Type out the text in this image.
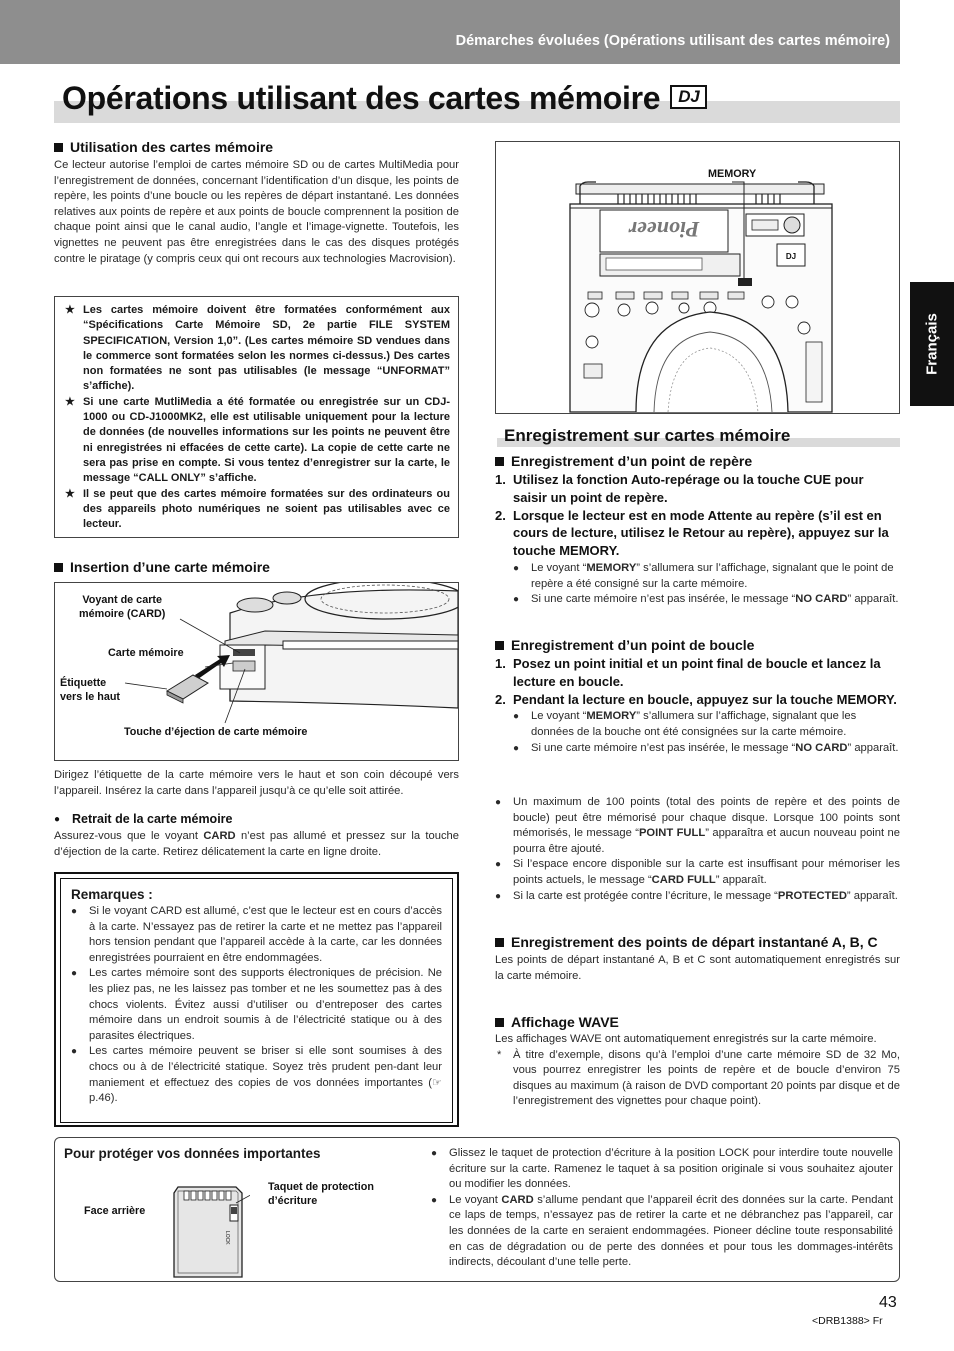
Démarches évoluées (Opérations utilisant des cartes mémoire)
Opérations utilisant des cartes mémoire DJ
Français
Utilisation des cartes mémoire
Ce lecteur autorise l’emploi de cartes mémoire SD ou de cartes MultiMedia pour l’enregistrement de données, concernant l’identification d’un disque, les points de repère, les points d’une boucle ou les repères de départ instantané. Les données relatives aux points de repère et aux points de boucle comprennent la position de chaque point ainsi que le canal audio, l’angle et l’image-vignette. Toutefois, les vignettes ne peuvent pas être enregistrées dans le cas des disques protégés contre le piratage (y compris ceux qui ont recours aux technologies Macrovision).
★ Les cartes mémoire doivent être formatées conformément aux “Spécifications Carte Mémoire SD, 2e partie FILE SYSTEM SPECIFICATION, Version 1,0”. (Les cartes mémoire SD vendues dans le commerce sont formatées selon les normes ci-dessus.) Des cartes non formatées ne sont pas utilisables (le message “UNFORMAT” s’affiche).
★ Si une carte MutliMedia a été formatée ou enregistrée sur un CDJ-1000 ou CD-J1000MK2, elle est utilisable uniquement pour la lecture de données (de nouvelles informations sur les points ne peuvent être ni enregistrées ni effacées de cette carte). La copie de cette carte ne sera pas prise en compte. Si vous tentez d’enregistrer sur la carte, le message “CALL ONLY” s’affiche.
★ Il se peut que des cartes mémoire formatées sur des ordinateurs ou des appareils photo numériques ne soient pas utilisables avec ce lecteur.
Insertion d’une carte mémoire
Voyant de carte
mémoire (CARD)
Carte mémoire
Étiquette
vers le haut
Touche d’éjection de carte mémoire
Dirigez l’étiquette de la carte mémoire vers le haut et son coin découpé vers l’appareil. Insérez la carte dans l’appareil jusqu’à ce qu’elle soit attirée.
● Retrait de la carte mémoire
Assurez-vous que le voyant CARD n’est pas allumé et pressez sur la touche d’éjection de la carte. Retirez délicatement la carte en ligne droite.
Remarques :
● Si le voyant CARD est allumé, c’est que le lecteur est en cours d’accès à la carte. N’essayez pas de retirer la carte et ne mettez pas l’appareil hors tension pendant que l’appareil accède à la carte, car les données enregistrées pourraient en être endommagées.
● Les cartes mémoire sont des supports électroniques de précision. Ne les pliez pas, ne les laissez pas tomber et ne les soumettez pas à des chocs violents. Évitez aussi d’utiliser ou d’entreposer des cartes mémoire dans un endroit soumis à de l’électricité statique ou à des parasites électriques.
● Les cartes mémoire peuvent se briser si elle sont soumises à des chocs ou à de l’électricité statique. Soyez très prudent pen-dant leur maniement et effectuez des copies de vos données importantes (☞ p.46).
MEMORY
Pioneer
DJ
Enregistrement sur cartes mémoire
Enregistrement d’un point de repère
1. Utilisez la fonction Auto-repérage ou la touche CUE pour saisir un point de repère.
2. Lorsque le lecteur est en mode Attente au repère (s’il est en cours de lecture, utilisez le Retour au repère), appuyez sur la touche MEMORY.
● Le voyant “MEMORY” s’allumera sur l’affichage, signalant que le point de repère a été consigné sur la carte mémoire.
● Si une carte mémoire n’est pas insérée, le message “NO CARD” apparaît.
Enregistrement d’un point de boucle
1. Posez un point initial et un point final de boucle et lancez la lecture en boucle.
2. Pendant la lecture en boucle, appuyez sur la touche MEMORY.
● Le voyant “MEMORY” s’allumera sur l’affichage, signalant que les données de la bouche ont été consignées sur la carte mémoire.
● Si une carte mémoire n’est pas insérée, le message “NO CARD” apparaît.
● Un maximum de 100 points (total des points de repère et des points de boucle) peut être mémorisé pour chaque disque. Lorsque 100 points sont mémorisés, le message “POINT FULL” apparaîtra et aucun nouveau point ne pourra être ajouté.
● Si l’espace encore disponible sur la carte est insuffisant pour mémoriser les points actuels, le message “CARD FULL” apparaît.
● Si la carte est protégée contre l’écriture, le message “PROTECTED” apparaît.
Enregistrement des points de départ instantané A, B, C
Les points de départ instantané A, B et C sont automatiquement enregistrés sur la carte mémoire.
Affichage WAVE
Les affichages WAVE ont automatiquement enregistrés sur la carte mémoire.
* À titre d’exemple, disons qu’à l’emploi d’une carte mémoire SD de 32 Mo, vous pourrez enregistrer les points de repère et de boucle d’environ 75 disques au maximum (à raison de DVD comportant 20 points par disque et de l’enregistrement des vignettes pour chaque point).
Pour protéger vos données importantes
Face arrière
Taquet de protection
d’écriture
LOCK
● Glissez le taquet de protection d’écriture à la position LOCK pour interdire toute nouvelle écriture sur la carte. Ramenez le taquet à sa position originale si vous souhaitez ajouter ou modifier les données.
● Le voyant CARD s’allume pendant que l’appareil écrit des données sur la carte. Pendant ce laps de temps, n’essayez pas de retirer la carte et ne débranchez pas l’appareil, car les données de la carte en seraient endommagées. Pioneer décline toute responsabilité en cas de dégradation ou de perte des données et pour tous les dommages-intérêts indirects, découlant d’une telle perte.
43
<DRB1388> Fr
